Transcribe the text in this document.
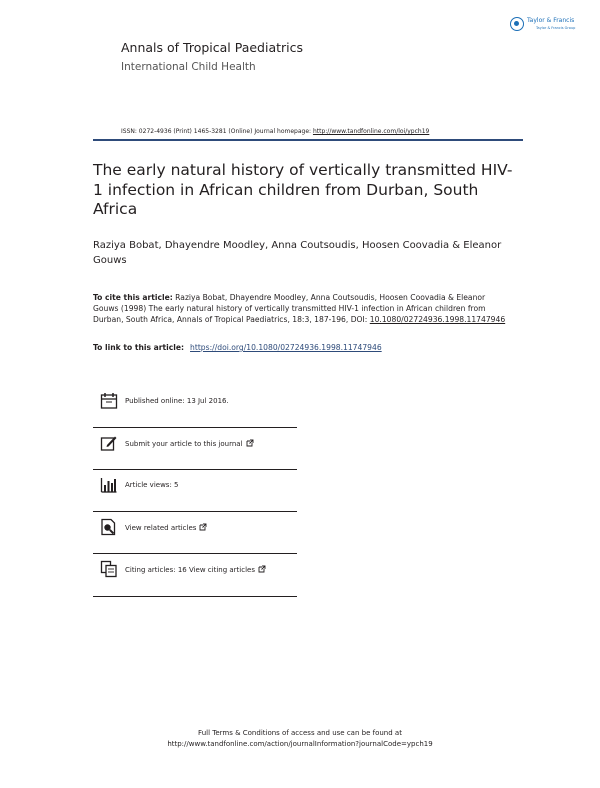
Taylor & Francis
Taylor & Francis Group
Annals of Tropical Paediatrics
International Child Health
ISSN: 0272-4936 (Print) 1465-3281 (Online) Journal homepage: http://www.tandfonline.com/loi/ypch19
The early natural history of vertically transmitted HIV-1 infection in African children from Durban, South Africa
Raziya Bobat, Dhayendre Moodley, Anna Coutsoudis, Hoosen Coovadia & Eleanor Gouws
To cite this article: Raziya Bobat, Dhayendre Moodley, Anna Coutsoudis, Hoosen Coovadia & Eleanor Gouws (1998) The early natural history of vertically transmitted HIV-1 infection in African children from Durban, South Africa, Annals of Tropical Paediatrics, 18:3, 187-196, DOI: 10.1080/02724936.1998.11747946
To link to this article: https://doi.org/10.1080/02724936.1998.11747946
Published online: 13 Jul 2016.
Submit your article to this journal
Article views: 5
View related articles
Citing articles: 16 View citing articles
Full Terms & Conditions of access and use can be found at
http://www.tandfonline.com/action/journalInformation?journalCode=ypch19
